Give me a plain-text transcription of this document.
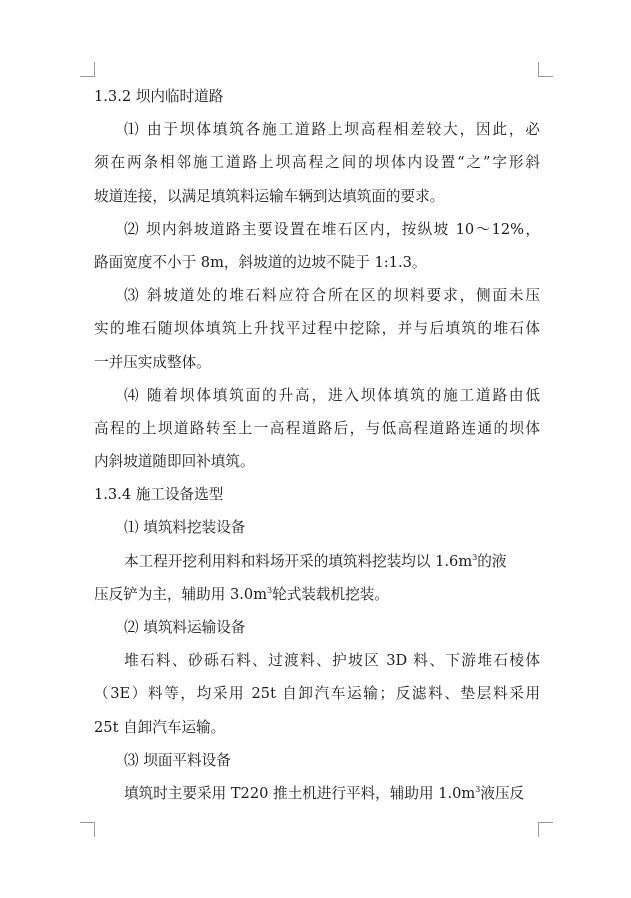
1.3.2 坝内临时道路
⑴ 由于坝体填筑各施工道路上坝高程相差较大，因此，必
须在两条相邻施工道路上坝高程之间的坝体内设置“之”字形斜
坡道连接，以满足填筑料运输车辆到达填筑面的要求。
⑵ 坝内斜坡道路主要设置在堆石区内，按纵坡 10～12%，
路面宽度不小于 8m，斜坡道的边坡不陡于 1:1.3。
⑶ 斜坡道处的堆石料应符合所在区的坝料要求，侧面未压
实的堆石随坝体填筑上升找平过程中挖除，并与后填筑的堆石体
一并压实成整体。
⑷ 随着坝体填筑面的升高，进入坝体填筑的施工道路由低
高程的上坝道路转至上一高程道路后，与低高程道路连通的坝体
内斜坡道随即回补填筑。
1.3.4 施工设备选型
⑴ 填筑料挖装设备
本工程开挖利用料和料场开采的填筑料挖装均以 $1.6m^3$的液
压反铲为主，辅助用 $3.0m^3$轮式装载机挖装。
⑵ 填筑料运输设备
堆石料、砂砾石料、过渡料、护坡区 3D 料、下游堆石棱体
（3E）料等，均采用 25t 自卸汽车运输；反滤料、垫层料采用
25t 自卸汽车运输。
⑶ 坝面平料设备
填筑时主要采用 T220 推土机进行平料，辅助用 $1.0m^3$液压反
